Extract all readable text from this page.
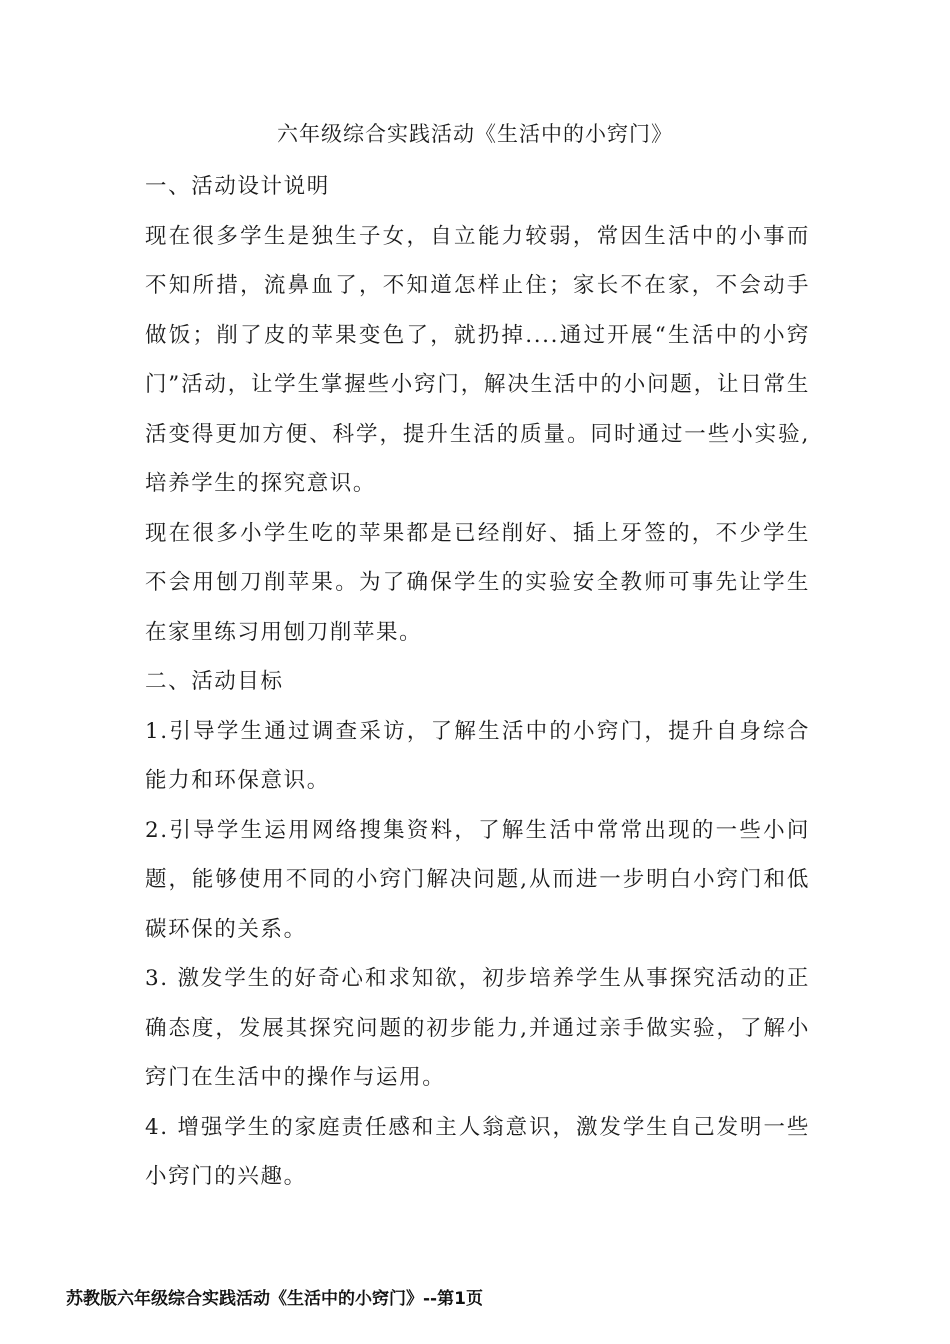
六年级综合实践活动《生活中的小窍门》

一、活动设计说明

现在很多学生是独生子女，自立能力较弱，常因生活中的小事而不知所措，流鼻血了，不知道怎样止住；家长不在家，不会动手做饭；削了皮的苹果变色了，就扔掉....通过开展“生活中的小窍门”活动，让学生掌握些小窍门，解决生活中的小问题，让日常生活变得更加方便、科学，提升生活的质量。同时通过一些小实验,培养学生的探究意识。

现在很多小学生吃的苹果都是已经削好、插上牙签的，不少学生不会用刨刀削苹果。为了确保学生的实验安全教师可事先让学生在家里练习用刨刀削苹果。

二、活动目标

1.引导学生通过调查采访，了解生活中的小窍门，提升自身综合能力和环保意识。

2.引导学生运用网络搜集资料，了解生活中常常出现的一些小问题，能够使用不同的小窍门解决问题,从而进一步明白小窍门和低碳环保的关系。

3. 激发学生的好奇心和求知欲，初步培养学生从事探究活动的正确态度，发展其探究问题的初步能力,并通过亲手做实验，了解小窍门在生活中的操作与运用。

4. 增强学生的家庭责任感和主人翁意识，激发学生自己发明一些小窍门的兴趣。

苏教版六年级综合实践活动《生活中的小窍门》--第1页
